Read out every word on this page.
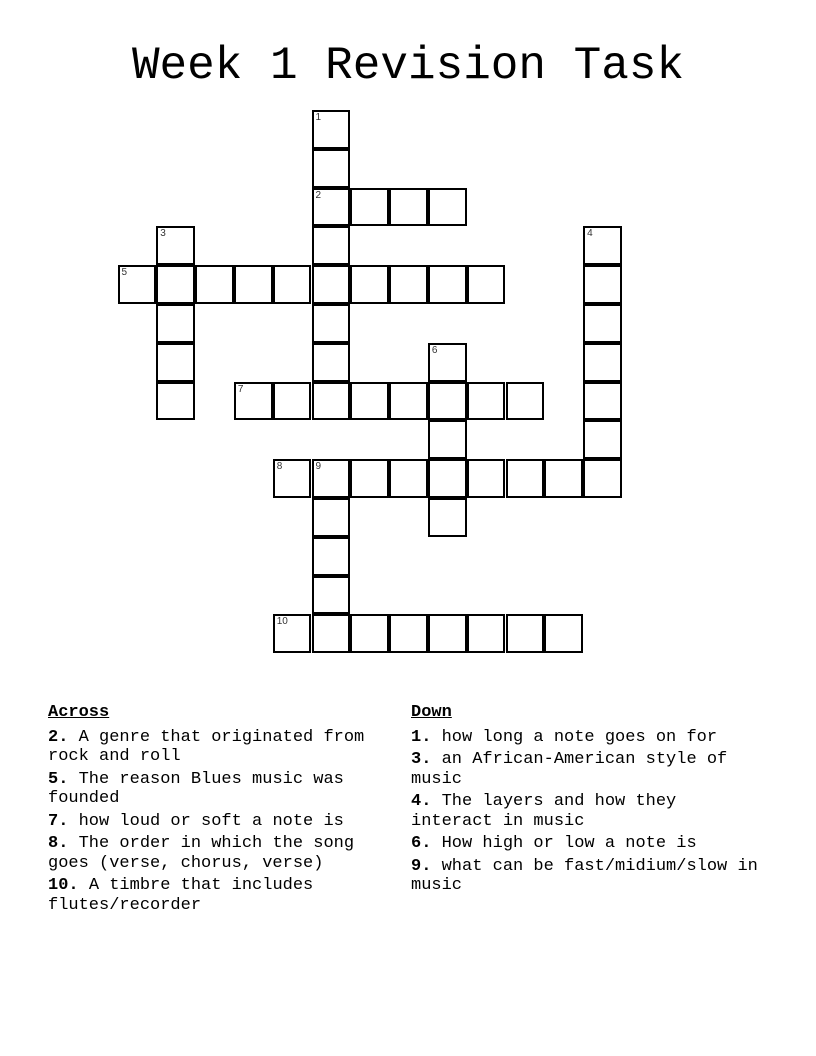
Week 1 Revision Task
1
2
3	4
5
6
7
8	9
10
Across
2. A genre that originated from rock and roll
5. The reason Blues music was founded
7. how loud or soft a note is
8. The order in which the song goes (verse, chorus, verse)
10. A timbre that includes flutes/recorder
Down
1. how long a note goes on for
3. an African-American style of music
4. The layers and how they interact in music
6. How high or low a note is
9. what can be fast/midium/slow in music
